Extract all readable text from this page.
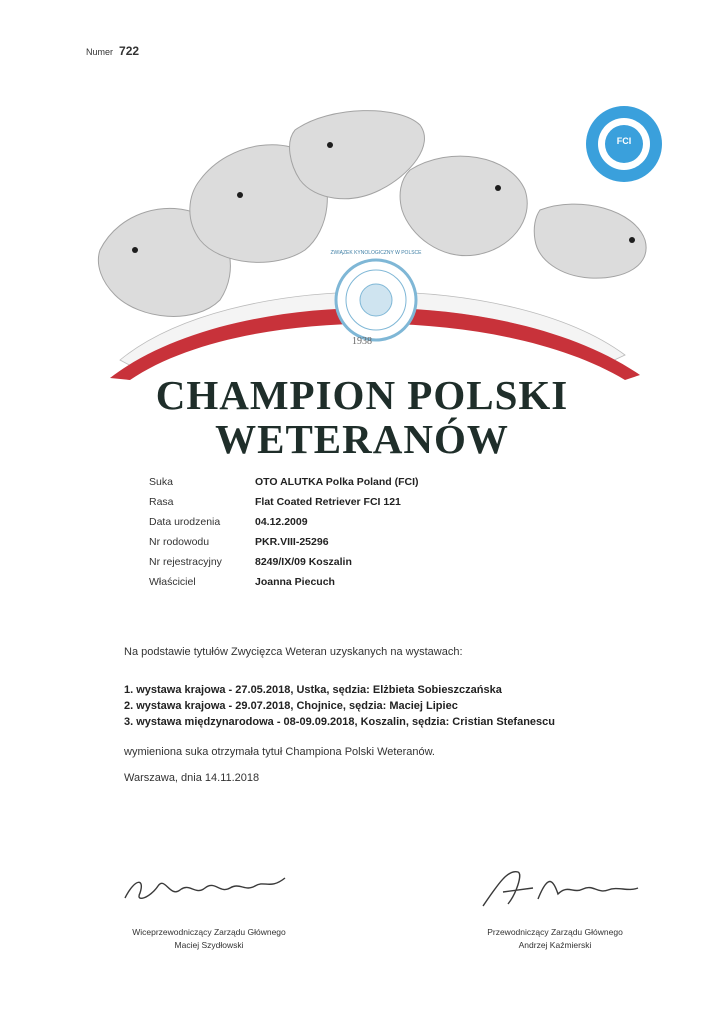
Numer 722
ZWIĄZEK KYNOLOGICZNY W POLSCE
1938
FCI
CHAMPION POLSKI
WETERANÓW
Suka	OTO ALUTKA Polka Poland (FCI)
Rasa	Flat Coated Retriever FCI 121
Data urodzenia	04.12.2009
Nr rodowodu	PKR.VIII-25296
Nr rejestracyjny	8249/IX/09 Koszalin
Właściciel	Joanna Piecuch
Na podstawie tytułów Zwycięzca Weteran uzyskanych na wystawach:
1. wystawa krajowa - 27.05.2018, Ustka, sędzia: Elżbieta Sobieszczańska
2. wystawa krajowa - 29.07.2018, Chojnice, sędzia: Maciej Lipiec
3. wystawa międzynarodowa - 08-09.09.2018, Koszalin, sędzia: Cristian Stefanescu
wymieniona suka otrzymała tytuł Championa Polski Weteranów.
Warszawa, dnia 14.11.2018
Wiceprzewodniczący Zarządu Głównego
Maciej Szydłowski
Przewodniczący Zarządu Głównego
Andrzej Kaźmierski
